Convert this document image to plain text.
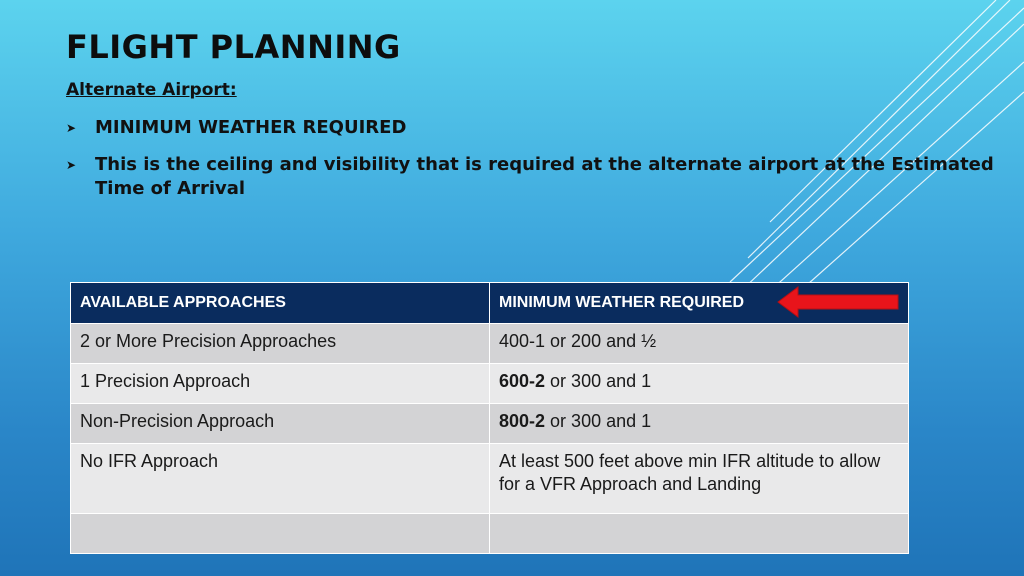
FLIGHT PLANNING
Alternate Airport:
➤ MINIMUM WEATHER REQUIRED
➤ This is the ceiling and visibility that is required at the alternate airport at the Estimated Time of Arrival
AVAILABLE APPROACHES	MINIMUM WEATHER REQUIRED
2 or More Precision Approaches	400-1 or 200 and ½
1 Precision Approach	600-2 or 300 and 1
Non-Precision Approach	800-2 or 300 and 1
No IFR Approach	At least 500 feet above min IFR altitude to allow for a VFR Approach and Landing
